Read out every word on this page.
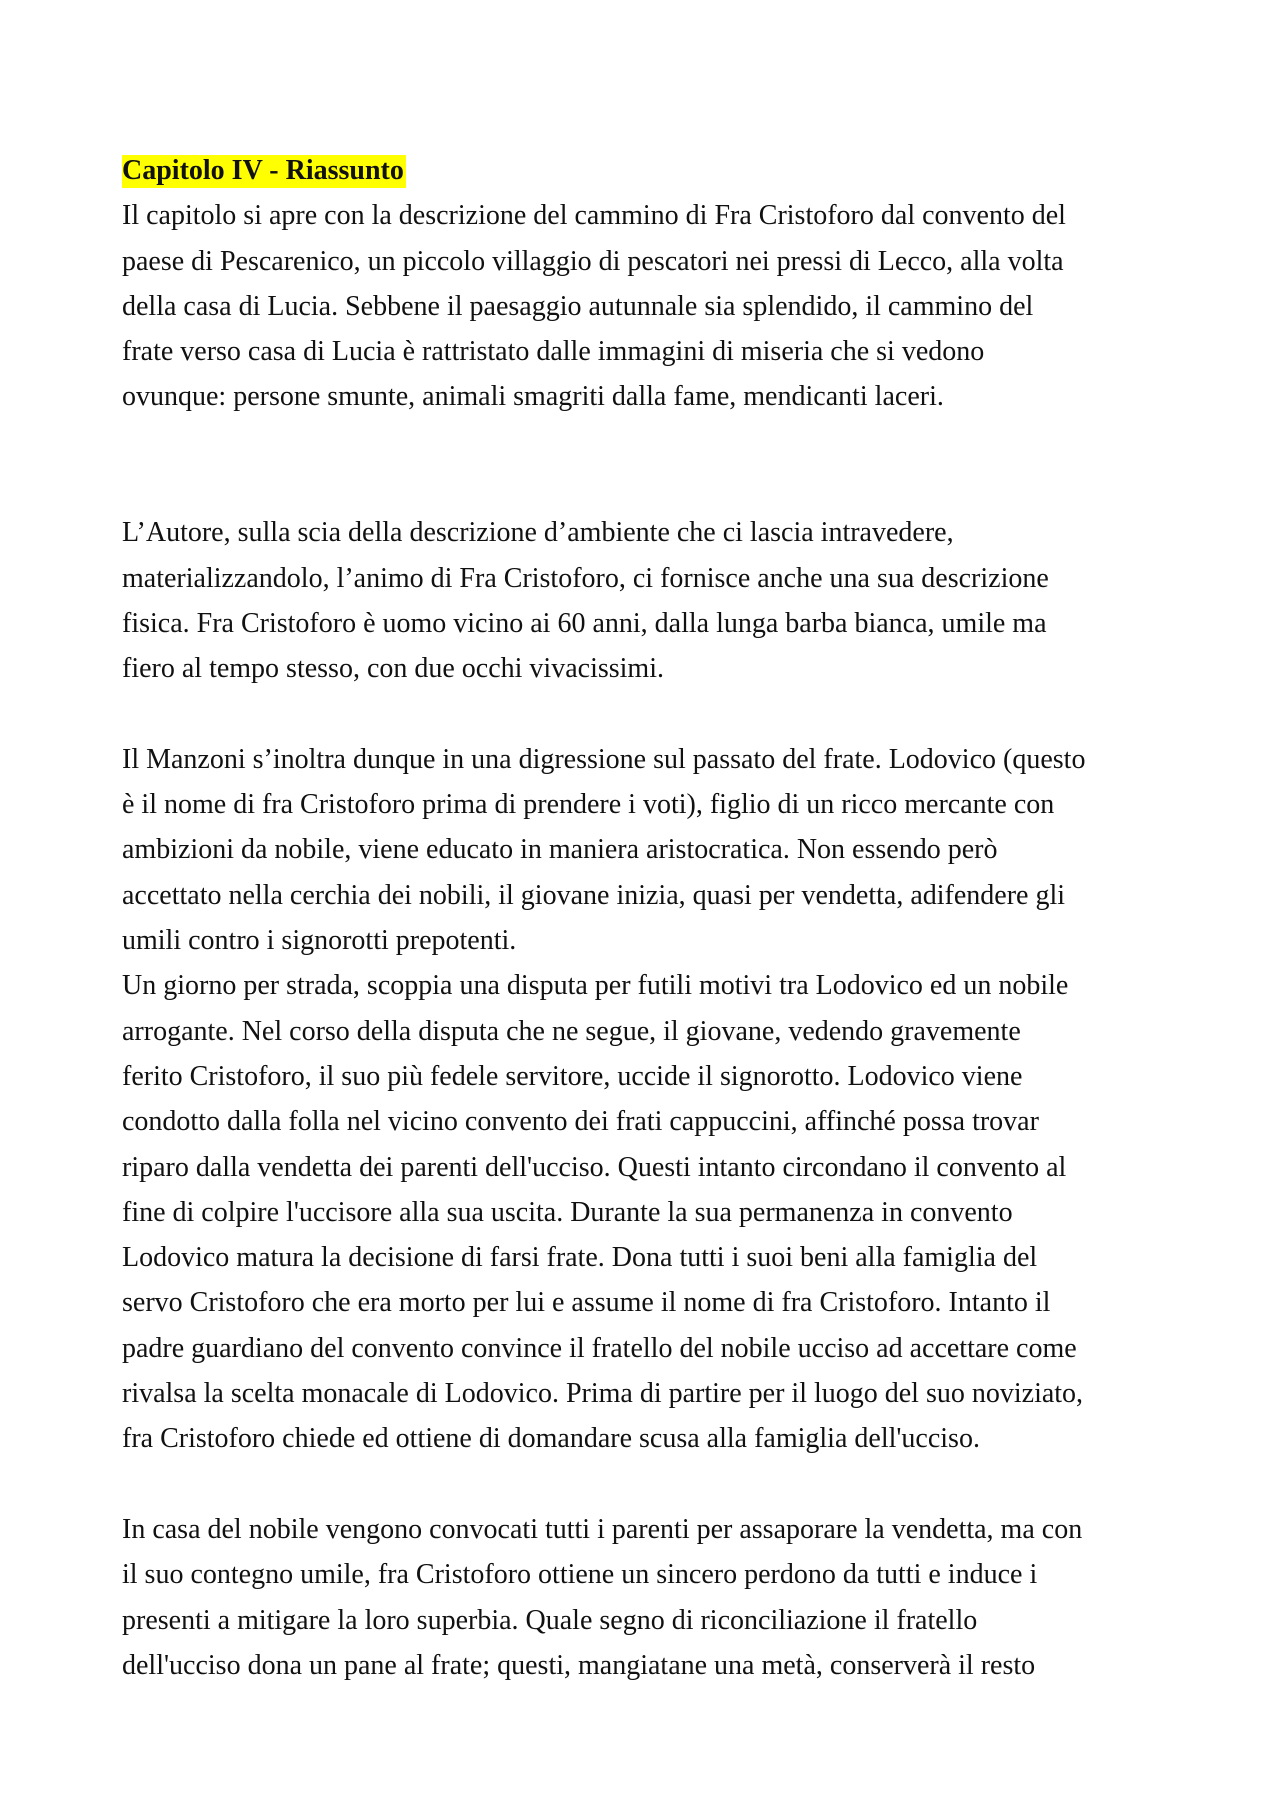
Capitolo IV - Riassunto

Il capitolo si apre con la descrizione del cammino di Fra Cristoforo dal convento del
paese di Pescarenico, un piccolo villaggio di pescatori nei pressi di Lecco, alla volta
della casa di Lucia. Sebbene il paesaggio autunnale sia splendido, il cammino del
frate verso casa di Lucia è rattristato dalle immagini di miseria che si vedono
ovunque: persone smunte, animali smagriti dalla fame, mendicanti laceri.

L’Autore, sulla scia della descrizione d’ambiente che ci lascia intravedere,
materializzandolo, l’animo di Fra Cristoforo, ci fornisce anche una sua descrizione
fisica. Fra Cristoforo è uomo vicino ai 60 anni, dalla lunga barba bianca, umile ma
fiero al tempo stesso, con due occhi vivacissimi.

Il Manzoni s’inoltra dunque in una digressione sul passato del frate. Lodovico (questo
è il nome di fra Cristoforo prima di prendere i voti), figlio di un ricco mercante con
ambizioni da nobile, viene educato in maniera aristocratica. Non essendo però
accettato nella cerchia dei nobili, il giovane inizia, quasi per vendetta, adifendere gli
umili contro i signorotti prepotenti.
Un giorno per strada, scoppia una disputa per futili motivi tra Lodovico ed un nobile
arrogante. Nel corso della disputa che ne segue, il giovane, vedendo gravemente
ferito Cristoforo, il suo più fedele servitore, uccide il signorotto. Lodovico viene
condotto dalla folla nel vicino convento dei frati cappuccini, affinché possa trovar
riparo dalla vendetta dei parenti dell'ucciso. Questi intanto circondano il convento al
fine di colpire l'uccisore alla sua uscita. Durante la sua permanenza in convento
Lodovico matura la decisione di farsi frate. Dona tutti i suoi beni alla famiglia del
servo Cristoforo che era morto per lui e assume il nome di fra Cristoforo. Intanto il
padre guardiano del convento convince il fratello del nobile ucciso ad accettare come
rivalsa la scelta monacale di Lodovico. Prima di partire per il luogo del suo noviziato,
fra Cristoforo chiede ed ottiene di domandare scusa alla famiglia dell'ucciso.

In casa del nobile vengono convocati tutti i parenti per assaporare la vendetta, ma con
il suo contegno umile, fra Cristoforo ottiene un sincero perdono da tutti e induce i
presenti a mitigare la loro superbia. Quale segno di riconciliazione il fratello
dell'ucciso dona un pane al frate; questi, mangiatane una metà, conserverà il resto
